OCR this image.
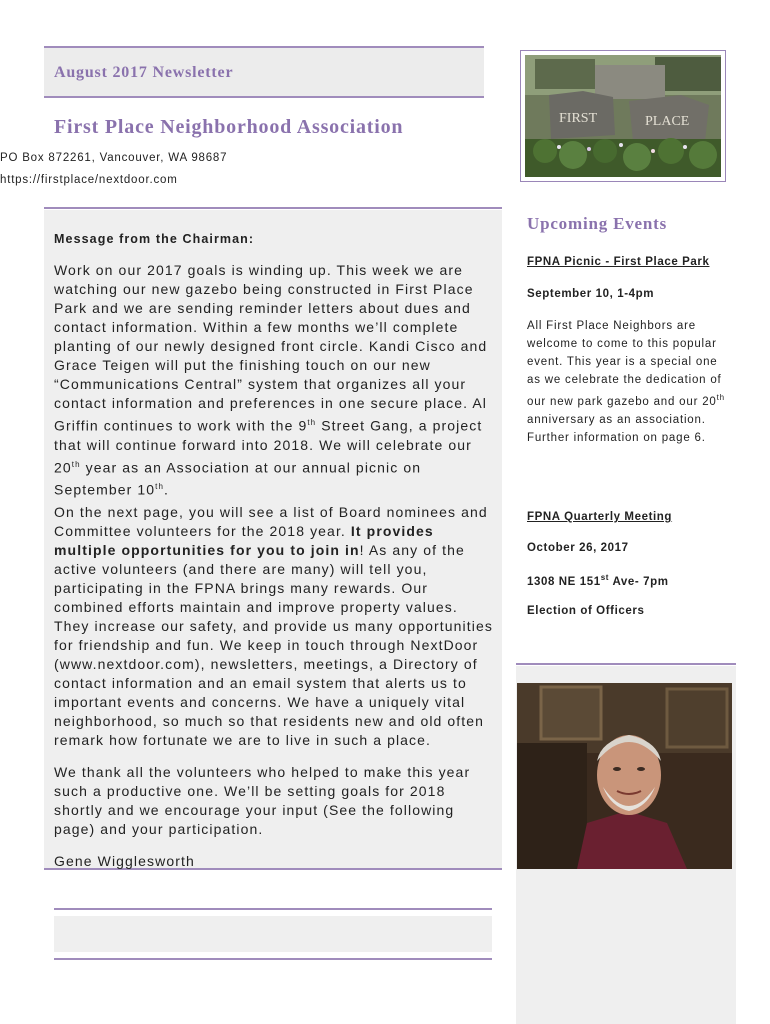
August 2017 Newsletter
First Place Neighborhood Association
PO Box 872261, Vancouver, WA 98687
https://firstplace/nextdoor.com
FIRST	PLACE
Message from the Chairman:

Work on our 2017 goals is winding up. This week we are watching our new gazebo being constructed in First Place Park and we are sending reminder letters about dues and contact information. Within a few months we’ll complete planting of our newly designed front circle. Kandi Cisco and Grace Teigen will put the finishing touch on our new “Communications Central” system that organizes all your contact information and preferences in one secure place. Al Griffin continues to work with the 9th Street Gang, a project that will continue forward into 2018. We will celebrate our 20th year as an Association at our annual picnic on September 10th.

On the next page, you will see a list of Board nominees and Committee volunteers for the 2018 year. It provides multiple opportunities for you to join in! As any of the active volunteers (and there are many) will tell you, participating in the FPNA brings many rewards. Our combined efforts maintain and improve property values. They increase our safety, and provide us many opportunities for friendship and fun. We keep in touch through NextDoor (www.nextdoor.com), newsletters, meetings, a Directory of contact information and an email system that alerts us to important events and concerns. We have a uniquely vital neighborhood, so much so that residents new and old often remark how fortunate we are to live in such a place.

We thank all the volunteers who helped to make this year such a productive one. We’ll be setting goals for 2018 shortly and we encourage your input (See the following page) and your participation.

Gene Wigglesworth
Upcoming Events
FPNA Picnic - First Place Park
September 10, 1-4pm
All First Place Neighbors are welcome to come to this popular event. This year is a special one as we celebrate the dedication of our new park gazebo and our 20th anniversary as an association. Further information on page 6.
FPNA Quarterly Meeting
October 26, 2017
1308 NE 151st Ave- 7pm
Election of Officers
